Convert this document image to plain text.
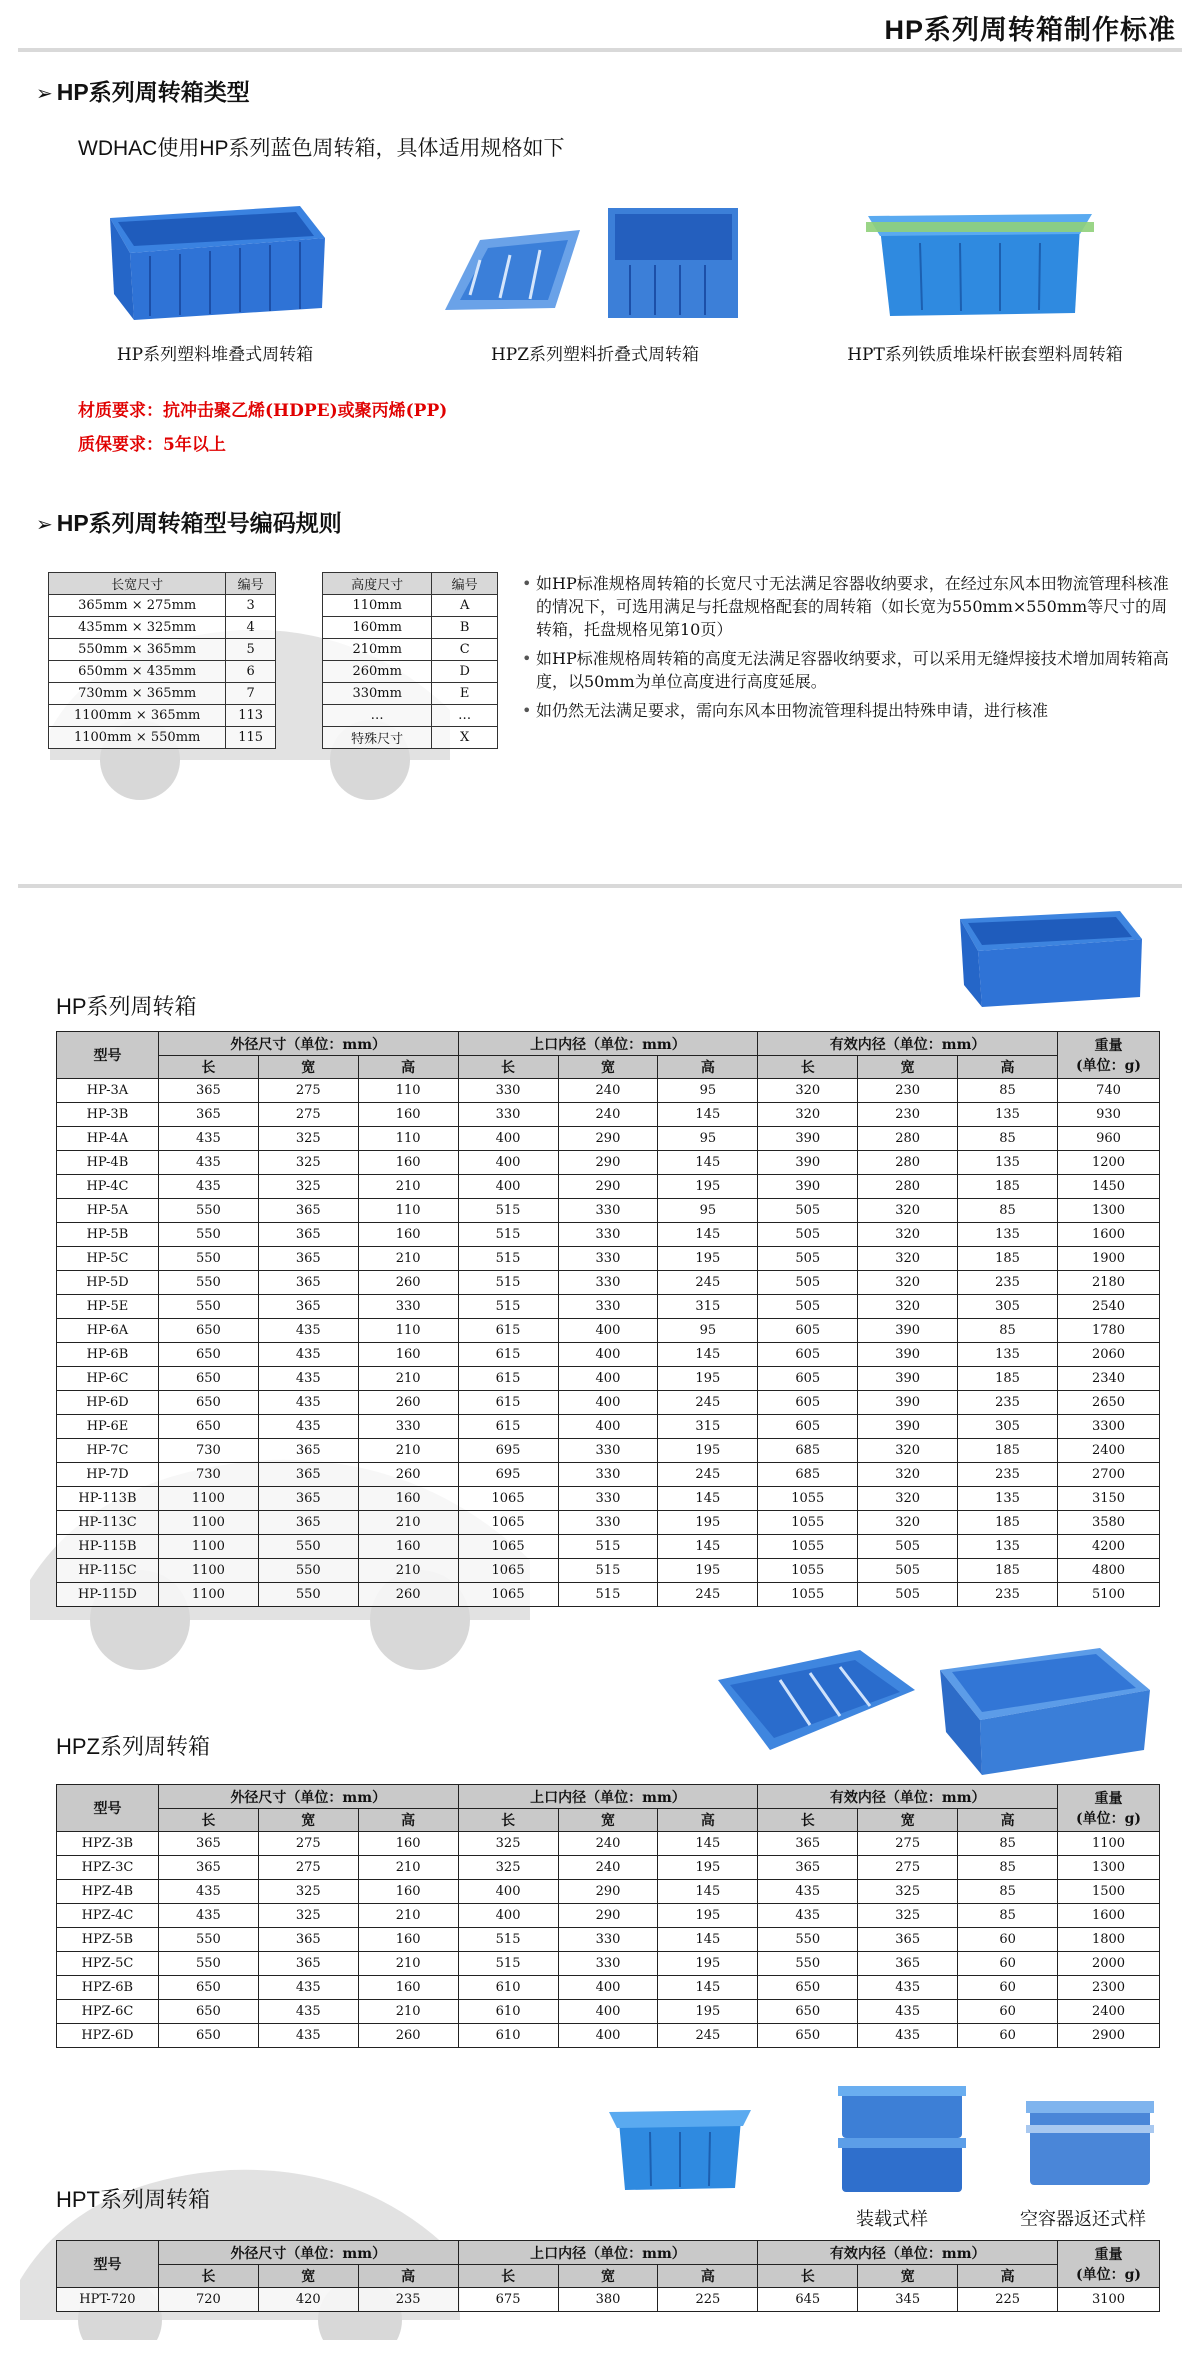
HP系列周转箱制作标准
➢ HP系列周转箱类型
WDHAC使用HP系列蓝色周转箱，具体适用规格如下
HP系列塑料堆叠式周转箱	HPZ系列塑料折叠式周转箱	HPT系列铁质堆垛杆嵌套塑料周转箱
材质要求：抗冲击聚乙烯(HDPE)或聚丙烯(PP)
质保要求：5年以上
➢ HP系列周转箱型号编码规则
长宽尺寸	编号
365mm × 275mm	3
435mm × 325mm	4
550mm × 365mm	5
650mm × 435mm	6
730mm × 365mm	7
1100mm × 365mm	113
1100mm × 550mm	115
高度尺寸	编号
110mm	A
160mm	B
210mm	C
260mm	D
330mm	E
…	…
特殊尺寸	X
• 如HP标准规格周转箱的长宽尺寸无法满足容器收纳要求，在经过东风本田物流管理科核准的情况下，可选用满足与托盘规格配套的周转箱（如长宽为550mm×550mm等尺寸的周转箱，托盘规格见第10页）
• 如HP标准规格周转箱的高度无法满足容器收纳要求，可以采用无缝焊接技术增加周转箱高度，以50mm为单位高度进行高度延展。
• 如仍然无法满足要求，需向东风本田物流管理科提出特殊申请，进行核准
HP系列周转箱
型号	外径尺寸（单位：mm）			上口内径（单位：mm）			有效内径（单位：mm）			重量
(单位：g)
	长	宽	高	长	宽	高	长	宽	高	
HP-3A	365	275	110	330	240	95	320	230	85	740
HP-3B	365	275	160	330	240	145	320	230	135	930
HP-4A	435	325	110	400	290	95	390	280	85	960
HP-4B	435	325	160	400	290	145	390	280	135	1200
HP-4C	435	325	210	400	290	195	390	280	185	1450
HP-5A	550	365	110	515	330	95	505	320	85	1300
HP-5B	550	365	160	515	330	145	505	320	135	1600
HP-5C	550	365	210	515	330	195	505	320	185	1900
HP-5D	550	365	260	515	330	245	505	320	235	2180
HP-5E	550	365	330	515	330	315	505	320	305	2540
HP-6A	650	435	110	615	400	95	605	390	85	1780
HP-6B	650	435	160	615	400	145	605	390	135	2060
HP-6C	650	435	210	615	400	195	605	390	185	2340
HP-6D	650	435	260	615	400	245	605	390	235	2650
HP-6E	650	435	330	615	400	315	605	390	305	3300
HP-7C	730	365	210	695	330	195	685	320	185	2400
HP-7D	730	365	260	695	330	245	685	320	235	2700
HP-113B	1100	365	160	1065	330	145	1055	320	135	3150
HP-113C	1100	365	210	1065	330	195	1055	320	185	3580
HP-115B	1100	550	160	1065	515	145	1055	505	135	4200
HP-115C	1100	550	210	1065	515	195	1055	505	185	4800
HP-115D	1100	550	260	1065	515	245	1055	505	235	5100
HPZ系列周转箱
型号	外径尺寸（单位：mm）			上口内径（单位：mm）			有效内径（单位：mm）			重量
(单位：g)
	长	宽	高	长	宽	高	长	宽	高	
HPZ-3B	365	275	160	325	240	145	365	275	85	1100
HPZ-3C	365	275	210	325	240	195	365	275	85	1300
HPZ-4B	435	325	160	400	290	145	435	325	85	1500
HPZ-4C	435	325	210	400	290	195	435	325	85	1600
HPZ-5B	550	365	160	515	330	145	550	365	60	1800
HPZ-5C	550	365	210	515	330	195	550	365	60	2000
HPZ-6B	650	435	160	610	400	145	650	435	60	2300
HPZ-6C	650	435	210	610	400	195	650	435	60	2400
HPZ-6D	650	435	260	610	400	245	650	435	60	2900
装载式样	空容器返还式样
HPT系列周转箱
型号	外径尺寸（单位：mm）			上口内径（单位：mm）			有效内径（单位：mm）			重量
(单位：g)
	长	宽	高	长	宽	高	长	宽	高	
HPT-720	720	420	235	675	380	225	645	345	225	3100
